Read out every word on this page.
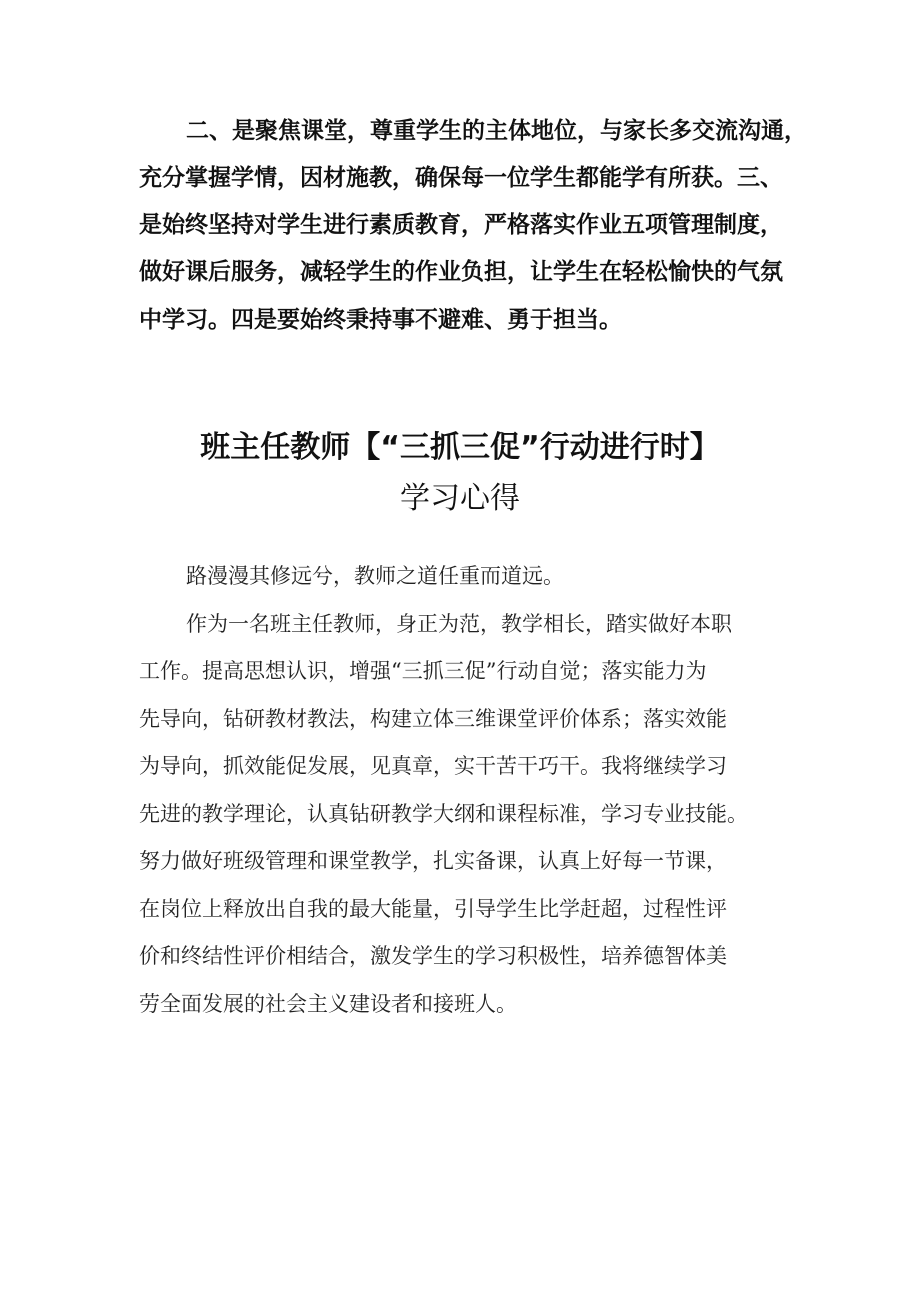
二、是聚焦课堂，尊重学生的主体地位，与家长多交流沟通，

充分掌握学情，因材施教，确保每一位学生都能学有所获。三、

是始终坚持对学生进行素质教育，严格落实作业五项管理制度，

做好课后服务，减轻学生的作业负担，让学生在轻松愉快的气氛

中学习。四是要始终秉持事不避难、勇于担当。

班主任教师【“三抓三促”行动进行时】
学习心得

路漫漫其修远兮，教师之道任重而道远。

作为一名班主任教师，身正为范，教学相长，踏实做好本职

工作。提高思想认识，增强“三抓三促”行动自觉；落实能力为

先导向，钻研教材教法，构建立体三维课堂评价体系；落实效能

为导向，抓效能促发展，见真章，实干苦干巧干。我将继续学习

先进的教学理论，认真钻研教学大纲和课程标准，学习专业技能。

努力做好班级管理和课堂教学，扎实备课，认真上好每一节课，

在岗位上释放出自我的最大能量，引导学生比学赶超，过程性评

价和终结性评价相结合，激发学生的学习积极性，培养德智体美

劳全面发展的社会主义建设者和接班人。
